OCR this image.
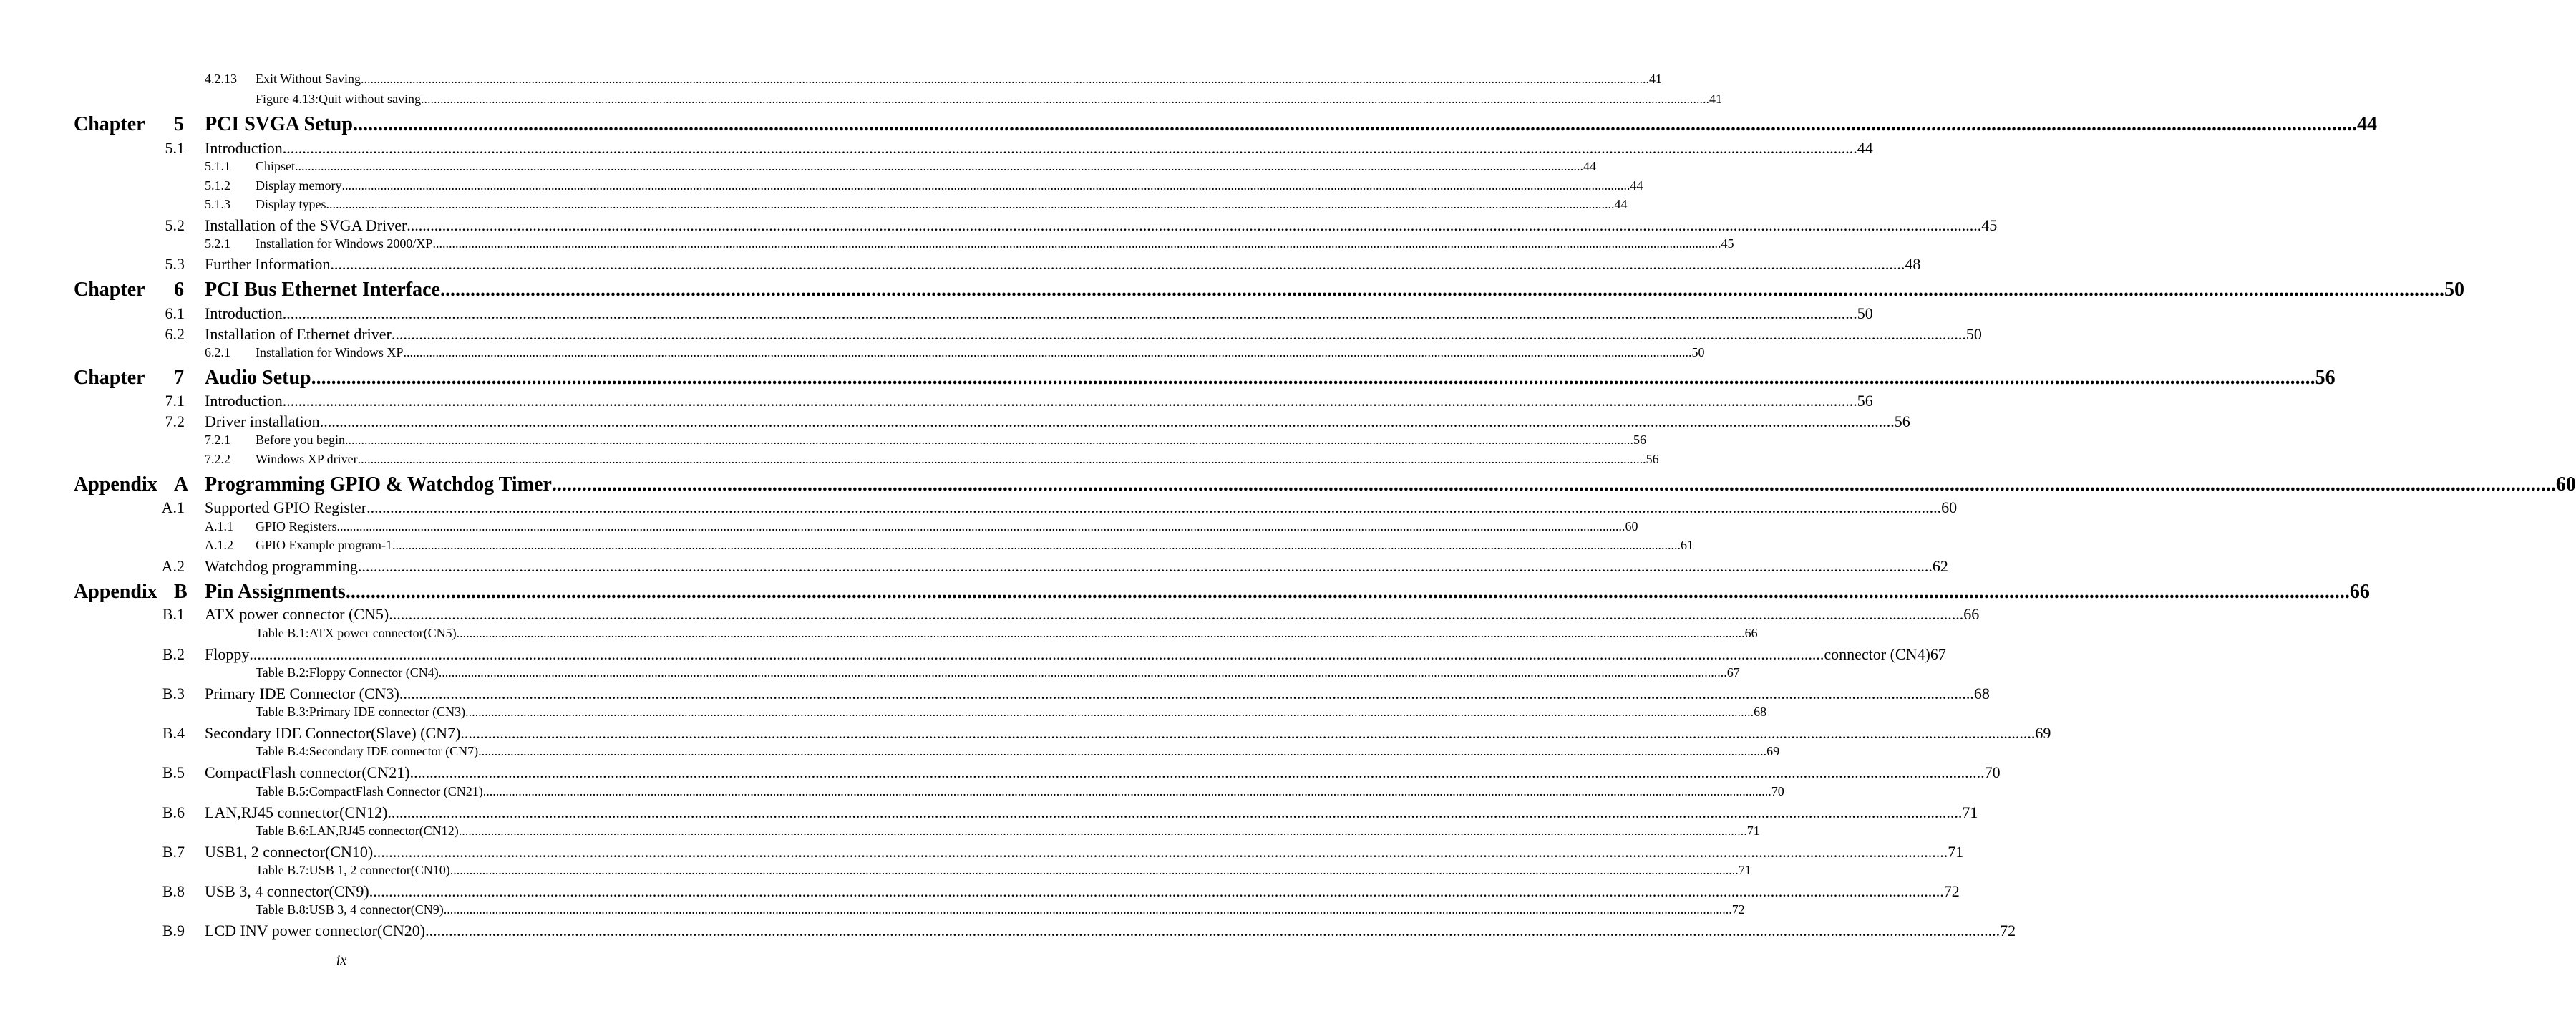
4.2.13 Exit Without Saving ................................................................................................................................................................................................................................................................................................................................................................................................................ 41
Figure 4.13:Quit without saving ................................................................................................................................................................................................................................................................................................................................................................................................................ 41
Chapter 5 PCI SVGA Setup ................................................................................................................................................................................................................................................................................................................................................................................................................ 44
5.1 Introduction ................................................................................................................................................................................................................................................................................................................................................................................................................ 44
5.1.1 Chipset ................................................................................................................................................................................................................................................................................................................................................................................................................ 44
5.1.2 Display memory ................................................................................................................................................................................................................................................................................................................................................................................................................ 44
5.1.3 Display types ................................................................................................................................................................................................................................................................................................................................................................................................................ 44
5.2 Installation of the SVGA Driver ................................................................................................................................................................................................................................................................................................................................................................................................................ 45
5.2.1 Installation for Windows 2000/XP ................................................................................................................................................................................................................................................................................................................................................................................................................ 45
5.3 Further Information ................................................................................................................................................................................................................................................................................................................................................................................................................ 48
Chapter 6 PCI Bus Ethernet Interface ................................................................................................................................................................................................................................................................................................................................................................................................................ 50
6.1 Introduction ................................................................................................................................................................................................................................................................................................................................................................................................................ 50
6.2 Installation of Ethernet driver ................................................................................................................................................................................................................................................................................................................................................................................................................ 50
6.2.1 Installation for Windows XP ................................................................................................................................................................................................................................................................................................................................................................................................................ 50
Chapter 7 Audio Setup ................................................................................................................................................................................................................................................................................................................................................................................................................ 56
7.1 Introduction ................................................................................................................................................................................................................................................................................................................................................................................................................ 56
7.2 Driver installation ................................................................................................................................................................................................................................................................................................................................................................................................................ 56
7.2.1 Before you begin ................................................................................................................................................................................................................................................................................................................................................................................................................ 56
7.2.2 Windows XP driver ................................................................................................................................................................................................................................................................................................................................................................................................................ 56
Appendix A Programming GPIO & Watchdog Timer ................................................................................................................................................................................................................................................................................................................................................................................................................ 60
A.1 Supported GPIO Register ................................................................................................................................................................................................................................................................................................................................................................................................................ 60
A.1.1 GPIO Registers ................................................................................................................................................................................................................................................................................................................................................................................................................ 60
A.1.2 GPIO Example program-1 ................................................................................................................................................................................................................................................................................................................................................................................................................ 61
A.2 Watchdog programming ................................................................................................................................................................................................................................................................................................................................................................................................................ 62
Appendix B Pin Assignments ................................................................................................................................................................................................................................................................................................................................................................................................................ 66
B.1 ATX power connector (CN5) ................................................................................................................................................................................................................................................................................................................................................................................................................ 66
Table B.1:ATX power connector(CN5) ................................................................................................................................................................................................................................................................................................................................................................................................................ 66
B.2 Floppy ................................................................................................................................................................................................................................................................................................................................................................................................................ connector (CN4) 67
Table B.2:Floppy Connector (CN4) ................................................................................................................................................................................................................................................................................................................................................................................................................ 67
B.3 Primary IDE Connector (CN3) ................................................................................................................................................................................................................................................................................................................................................................................................................ 68
Table B.3:Primary IDE connector (CN3) ................................................................................................................................................................................................................................................................................................................................................................................................................ 68
B.4 Secondary IDE Connector(Slave) (CN7) ................................................................................................................................................................................................................................................................................................................................................................................................................ 69
Table B.4:Secondary IDE connector (CN7) ................................................................................................................................................................................................................................................................................................................................................................................................................ 69
B.5 CompactFlash connector(CN21) ................................................................................................................................................................................................................................................................................................................................................................................................................ 70
Table B.5:CompactFlash Connector (CN21) ................................................................................................................................................................................................................................................................................................................................................................................................................ 70
B.6 LAN,RJ45 connector(CN12) ................................................................................................................................................................................................................................................................................................................................................................................................................ 71
Table B.6:LAN,RJ45 connector(CN12) ................................................................................................................................................................................................................................................................................................................................................................................................................ 71
B.7 USB1, 2 connector(CN10) ................................................................................................................................................................................................................................................................................................................................................................................................................ 71
Table B.7:USB 1, 2 connector(CN10) ................................................................................................................................................................................................................................................................................................................................................................................................................ 71
B.8 USB 3, 4 connector(CN9) ................................................................................................................................................................................................................................................................................................................................................................................................................ 72
Table B.8:USB 3, 4 connector(CN9) ................................................................................................................................................................................................................................................................................................................................................................................................................ 72
B.9 LCD INV power connector(CN20) ................................................................................................................................................................................................................................................................................................................................................................................................................ 72
ix
